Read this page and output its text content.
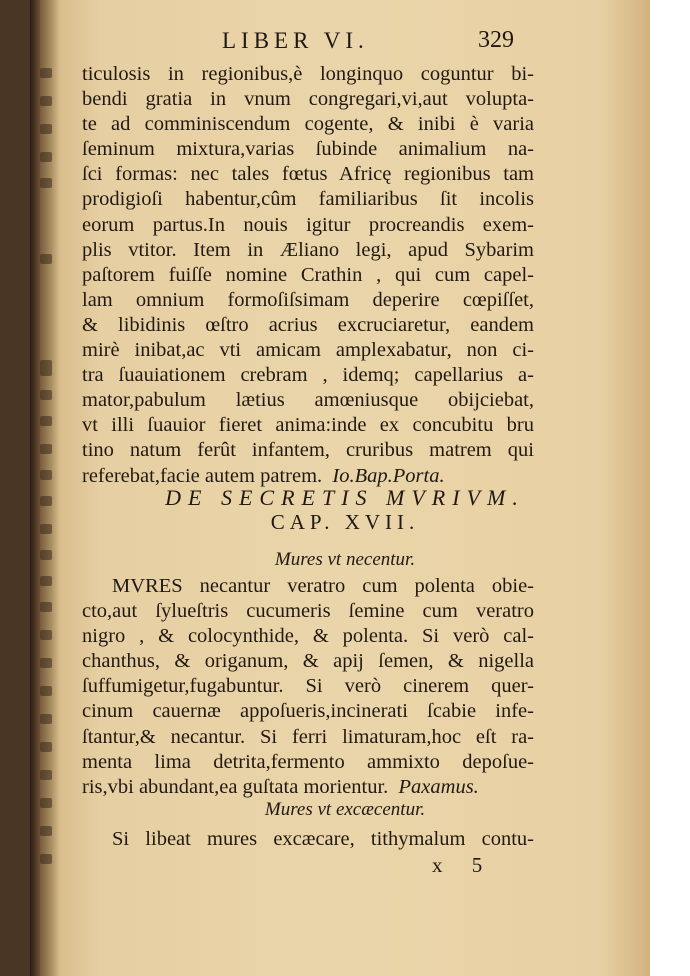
LIBER VI.	329
ticulosis in regionibus,è longinquo coguntur bi-
bendi gratia in vnum congregari,vi,aut volupta-
te ad comminiscendum cogente, & inibi è varia
ſeminum mixtura,varias ſubinde animalium na-
ſci formas: nec tales fœtus Africę regionibus tam
prodigioſi habentur,cûm familiaribus ſit incolis
eorum partus.In nouis igitur procreandis exem-
plis vtitor. Item in Æliano legi, apud Sybarim
paſtorem fuiſſe nomine Crathin , qui cum capel-
lam omnium formoſiſsimam deperire cœpiſſet,
& libidinis œſtro acrius excruciaretur, eandem
mirè inibat,ac vti amicam amplexabatur, non ci-
tra ſuauiationem crebram , idemq; capellarius a-
mator,pabulum lætius amœniusque obijciebat,
vt illi ſuauior fieret anima:inde ex concubitu bru
tino natum ferût infantem, cruribus matrem qui
referebat,facie autem patrem. Io.Bap.Porta.
DE SECRETIS MVRIVM.
CAP. XVII.
Mures vt necentur.
MVRES necantur veratro cum polenta obie-
cto,aut ſylueſtris cucumeris ſemine cum veratro
nigro , & colocynthide, & polenta. Si verò cal-
chanthus, & origanum, & apij ſemen, & nigella
ſuffumigetur,fugabuntur. Si verò cinerem quer-
cinum cauernæ appoſueris,incinerati ſcabie infe-
ſtantur,& necantur. Si ferri limaturam,hoc eſt ra-
menta lima detrita,fermento ammixto depoſue-
ris,vbi abundant,ea guſtata morientur. Paxamus.
Mures vt excæcentur.
Si libeat mures excæcare, tithymalum contu-
x 5
